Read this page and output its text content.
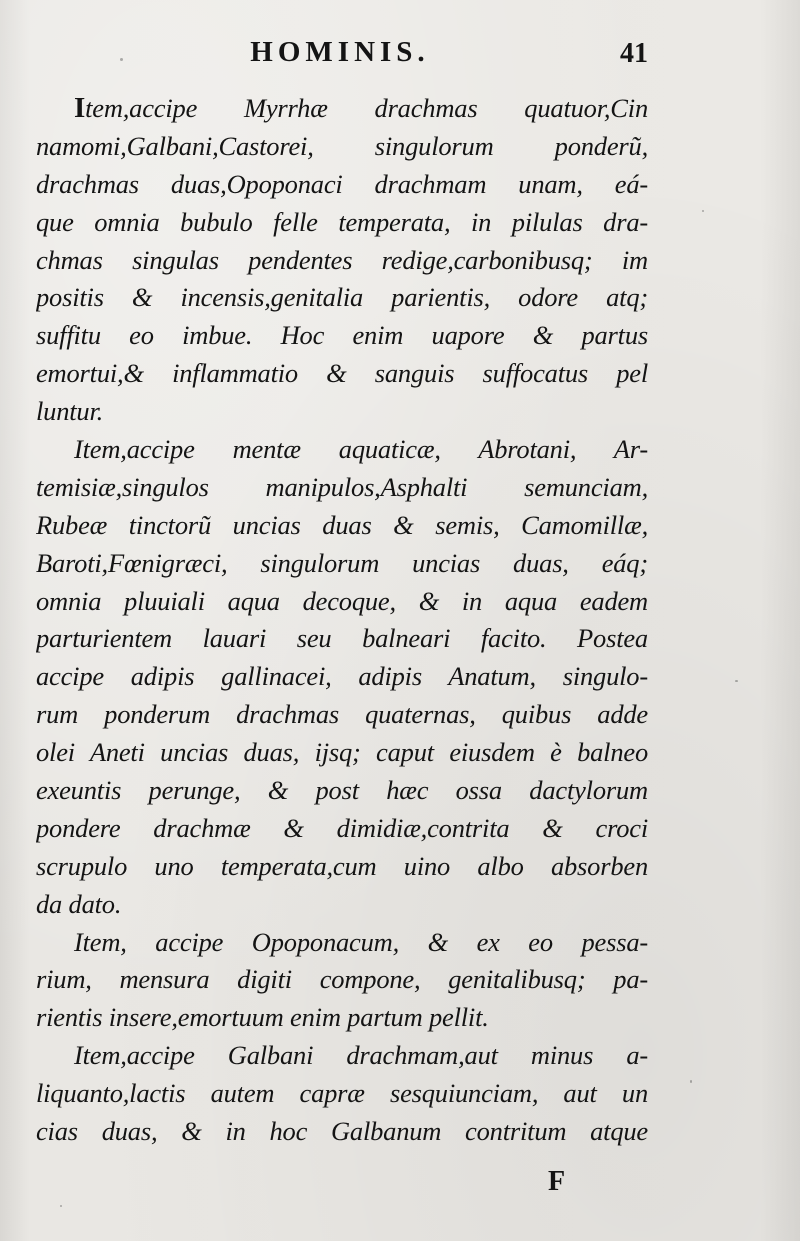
HOMINIS.	41
Item,accipe Myrrhæ drachmas quatuor,Cin
namomi,Galbani,Castorei, singulorum ponderũ,
drachmas duas,Opoponaci drachmam unam, eá-
que omnia bubulo felle temperata, in pilulas dra-
chmas singulas pendentes redige,carbonibusq; im
positis & incensis,genitalia parientis, odore atq;
suffitu eo imbue. Hoc enim uapore & partus
emortui,& inflammatio & sanguis suffocatus pel
luntur.
Item,accipe mentæ aquaticæ, Abrotani, Ar-
temisiæ,singulos manipulos,Asphalti semunciam,
Rubeæ tinctorũ uncias duas & semis, Camomillæ,
Baroti,Fœnigræci, singulorum uncias duas, eáq;
omnia pluuiali aqua decoque, & in aqua eadem
parturientem lauari seu balneari facito. Postea
accipe adipis gallinacei, adipis Anatum, singulo-
rum ponderum drachmas quaternas, quibus adde
olei Aneti uncias duas, ijsq; caput eiusdem è balneo
exeuntis perunge, & post hæc ossa dactylorum
pondere drachmæ & dimidiæ,contrita & croci
scrupulo uno temperata,cum uino albo absorben
da dato.
Item, accipe Opoponacum, & ex eo pessa-
rium, mensura digiti compone, genitalibusq; pa-
rientis insere,emortuum enim partum pellit.
Item,accipe Galbani drachmam,aut minus a-
liquanto,lactis autem capræ sesquiunciam, aut un
cias duas, & in hoc Galbanum contritum atque
F
